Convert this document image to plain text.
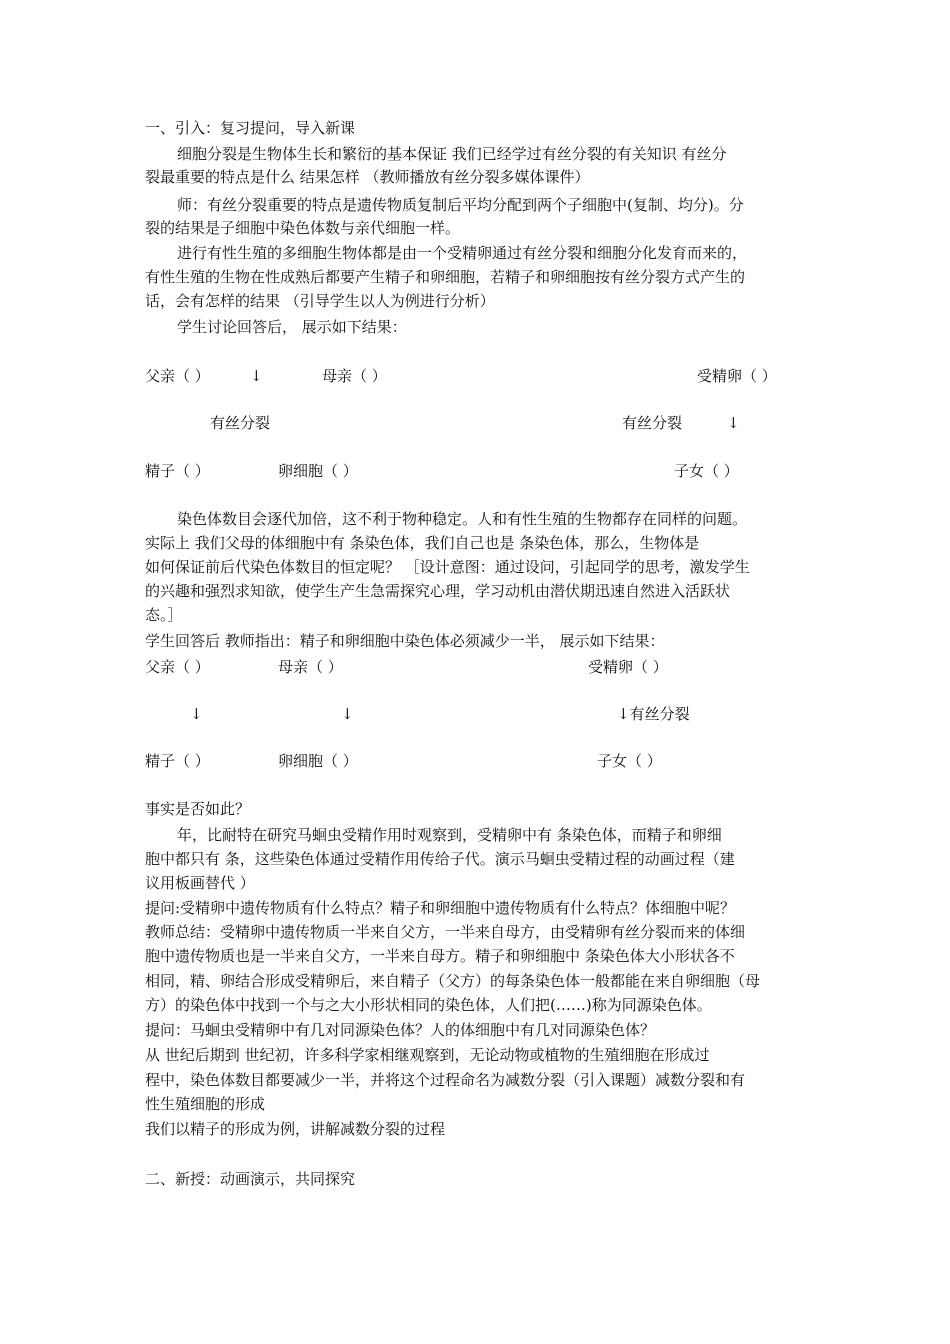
一、引入：复习提问，导入新课
细胞分裂是生物体生长和繁衍的基本保证 我们已经学过有丝分裂的有关知识 有丝分
裂最重要的特点是什么 结果怎样 （教师播放有丝分裂多媒体课件）
师：有丝分裂重要的特点是遗传物质复制后平均分配到两个子细胞中(复制、均分)。分
裂的结果是子细胞中染色体数与亲代细胞一样。
进行有性生殖的多细胞生物体都是由一个受精卵通过有丝分裂和细胞分化发育而来的，
有性生殖的生物在性成熟后都要产生精子和卵细胞，若精子和卵细胞按有丝分裂方式产生的
话，会有怎样的结果 （引导学生以人为例进行分析）
学生讨论回答后， 展示如下结果：
父亲（ ）	↓	母亲（ ）	受精卵（ ）
有丝分裂	有丝分裂	↓
精子（ ）	卵细胞（ ）	子女（ ）
染色体数目会逐代加倍，这不利于物种稳定。人和有性生殖的生物都存在同样的问题。
实际上 我们父母的体细胞中有 条染色体，我们自己也是 条染色体，那么，生物体是
如何保证前后代染色体数目的恒定呢？ ［设计意图：通过设问，引起同学的思考，激发学生
的兴趣和强烈求知欲，使学生产生急需探究心理，学习动机由潜伏期迅速自然进入活跃状
态。］
学生回答后 教师指出：精子和卵细胞中染色体必须减少一半， 展示如下结果：
父亲（ ）	母亲（ ）	受精卵（ ）
↓	↓	↓有丝分裂
精子（ ）	卵细胞（ ）	子女（ ）
事实是否如此？
年，比耐特在研究马蛔虫受精作用时观察到，受精卵中有 条染色体，而精子和卵细
胞中都只有 条，这些染色体通过受精作用传给子代。演示马蛔虫受精过程的动画过程（建
议用板画替代 ）
提问:受精卵中遗传物质有什么特点？精子和卵细胞中遗传物质有什么特点？体细胞中呢？
教师总结：受精卵中遗传物质一半来自父方，一半来自母方，由受精卵有丝分裂而来的体细
胞中遗传物质也是一半来自父方，一半来自母方。精子和卵细胞中 条染色体大小形状各不
相同，精、卵结合形成受精卵后，来自精子（父方）的每条染色体一般都能在来自卵细胞（母
方）的染色体中找到一个与之大小形状相同的染色体，人们把(……)称为同源染色体。
提问：马蛔虫受精卵中有几对同源染色体？人的体细胞中有几对同源染色体？
从 世纪后期到 世纪初，许多科学家相继观察到，无论动物或植物的生殖细胞在形成过
程中，染色体数目都要减少一半，并将这个过程命名为减数分裂（引入课题）减数分裂和有
性生殖细胞的形成
我们以精子的形成为例，讲解减数分裂的过程
二、新授：动画演示，共同探究
